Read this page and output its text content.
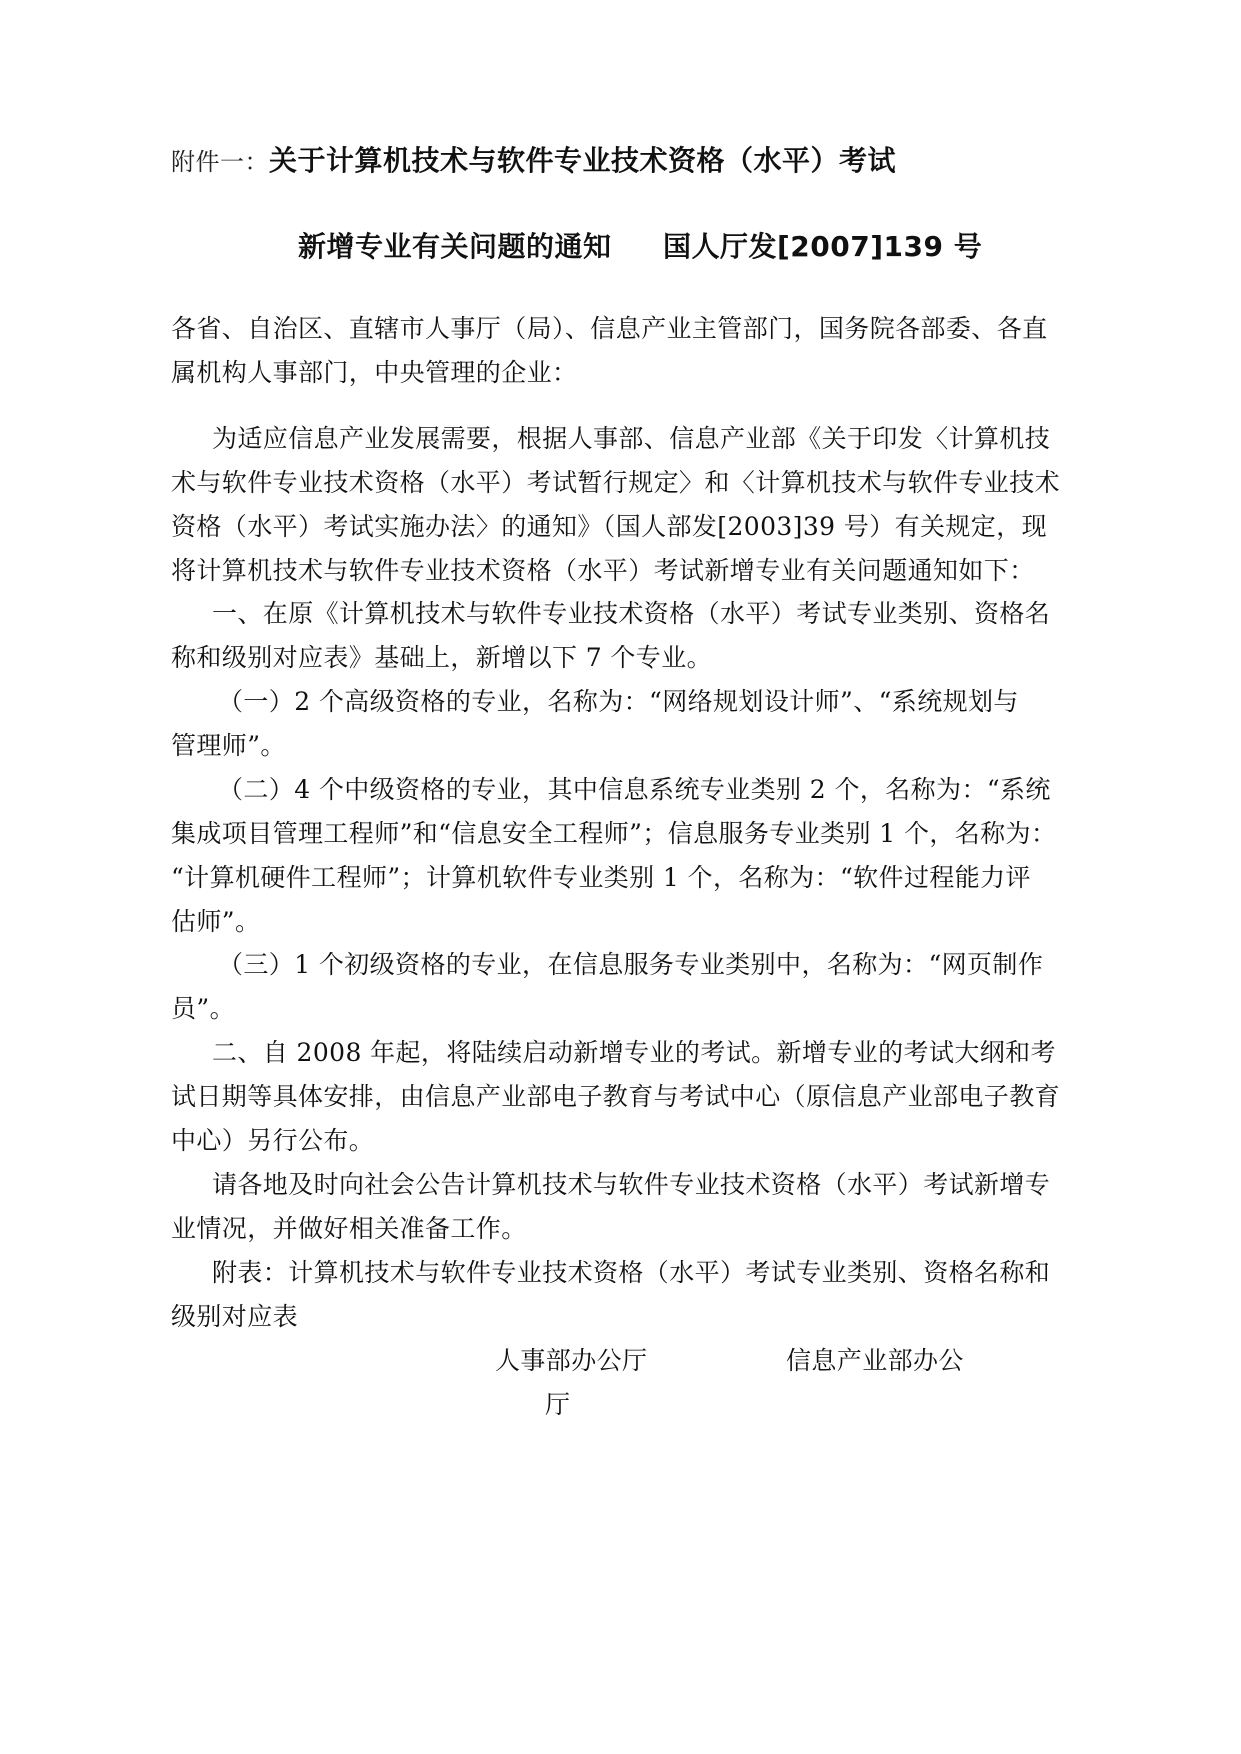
附件一：关于计算机技术与软件专业技术资格（水平）考试
新增专业有关问题的通知 国人厅发[2007]139 号
各省、自治区、直辖市人事厅（局）、信息产业主管部门，国务院各部委、各直
属机构人事部门，中央管理的企业：
为适应信息产业发展需要，根据人事部、信息产业部《关于印发〈计算机技
术与软件专业技术资格（水平）考试暂行规定〉和〈计算机技术与软件专业技术
资格（水平）考试实施办法〉的通知》（国人部发[2003]39 号）有关规定，现
将计算机技术与软件专业技术资格（水平）考试新增专业有关问题通知如下：
一、在原《计算机技术与软件专业技术资格（水平）考试专业类别、资格名
称和级别对应表》基础上，新增以下 7 个专业。
（一）2 个高级资格的专业，名称为：“网络规划设计师”、“系统规划与
管理师”。
（二）4 个中级资格的专业，其中信息系统专业类别 2 个，名称为：“系统
集成项目管理工程师”和“信息安全工程师”；信息服务专业类别 1 个，名称为：
“计算机硬件工程师”；计算机软件专业类别 1 个，名称为：“软件过程能力评
估师”。
（三）1 个初级资格的专业，在信息服务专业类别中，名称为：“网页制作
员”。
二、自 2008 年起，将陆续启动新增专业的考试。新增专业的考试大纲和考
试日期等具体安排，由信息产业部电子教育与考试中心（原信息产业部电子教育
中心）另行公布。
请各地及时向社会公告计算机技术与软件专业技术资格（水平）考试新增专
业情况，并做好相关准备工作。
附表：计算机技术与软件专业技术资格（水平）考试专业类别、资格名称和
级别对应表
人事部办公厅	信息产业部办公
厅
